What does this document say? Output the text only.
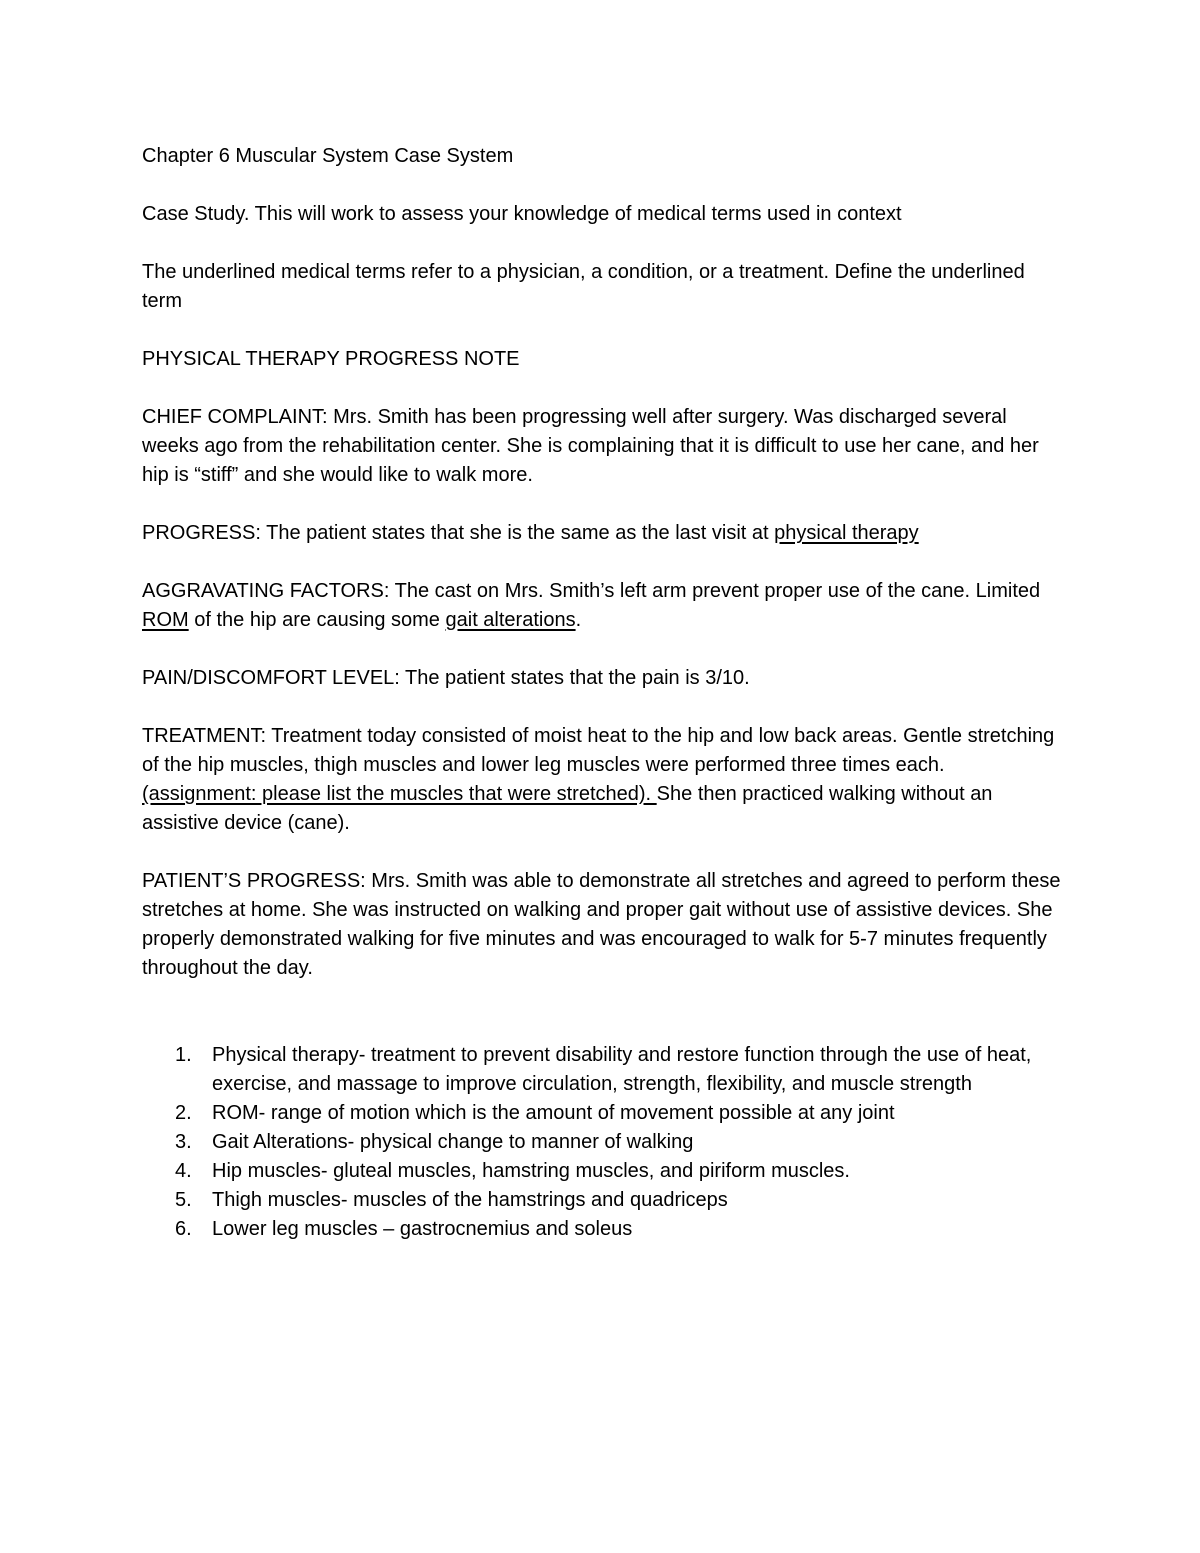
Chapter 6 Muscular System Case System

Case Study. This will work to assess your knowledge of medical terms used in context

The underlined medical terms refer to a physician, a condition, or a treatment. Define the underlined term

PHYSICAL THERAPY PROGRESS NOTE

CHIEF COMPLAINT: Mrs. Smith has been progressing well after surgery. Was discharged several weeks ago from the rehabilitation center. She is complaining that it is difficult to use her cane, and her hip is “stiff” and she would like to walk more.

PROGRESS: The patient states that she is the same as the last visit at physical therapy

AGGRAVATING FACTORS: The cast on Mrs. Smith’s left arm prevent proper use of the cane. Limited ROM of the hip are causing some gait alterations.

PAIN/DISCOMFORT LEVEL: The patient states that the pain is 3/10.

TREATMENT: Treatment today consisted of moist heat to the hip and low back areas. Gentle stretching of the hip muscles, thigh muscles and lower leg muscles were performed three times each. (assignment: please list the muscles that were stretched). She then practiced walking without an assistive device (cane).

PATIENT’S PROGRESS: Mrs. Smith was able to demonstrate all stretches and agreed to perform these stretches at home. She was instructed on walking and proper gait without use of assistive devices. She properly demonstrated walking for five minutes and was encouraged to walk for 5-7 minutes frequently throughout the day.

1. Physical therapy- treatment to prevent disability and restore function through the use of heat, exercise, and massage to improve circulation, strength, flexibility, and muscle strength
2. ROM- range of motion which is the amount of movement possible at any joint
3. Gait Alterations- physical change to manner of walking
4. Hip muscles- gluteal muscles, hamstring muscles, and piriform muscles.
5. Thigh muscles- muscles of the hamstrings and quadriceps
6. Lower leg muscles – gastrocnemius and soleus
